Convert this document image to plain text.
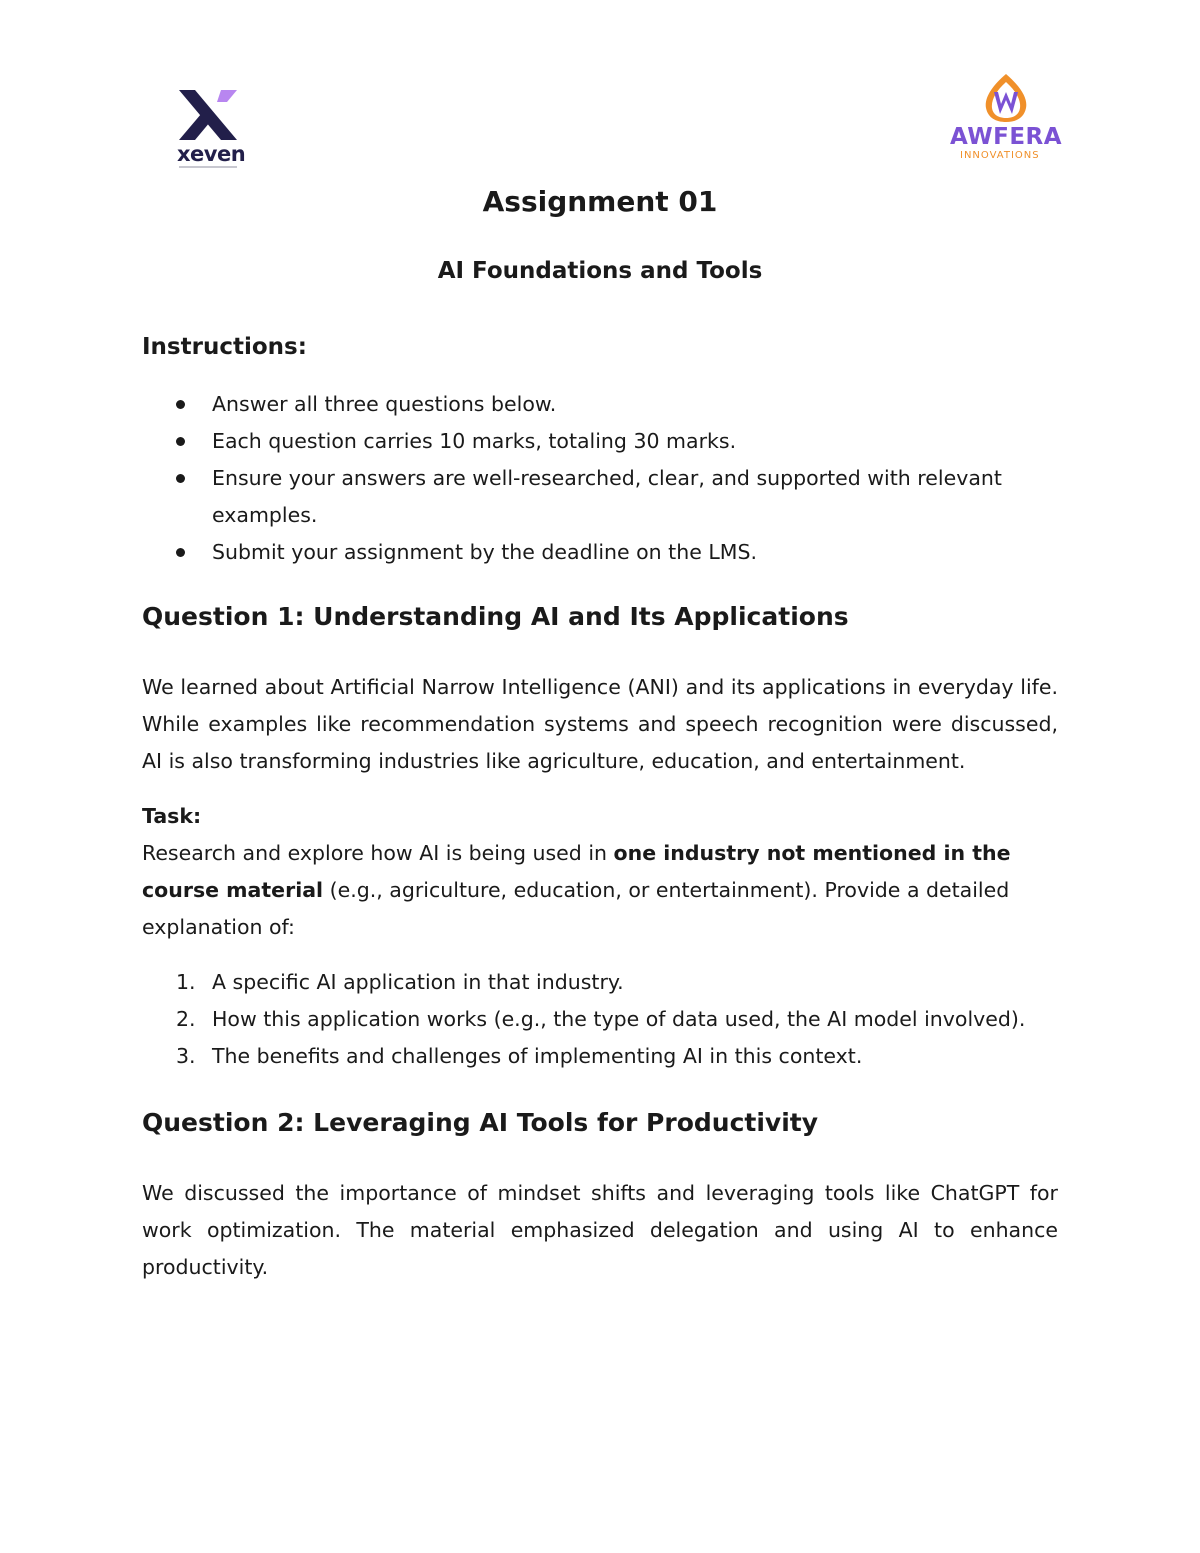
xeven
AWFERA
INNOVATIONS
Assignment 01
AI Foundations and Tools
Instructions:
Answer all three questions below.
Each question carries 10 marks, totaling 30 marks.
Ensure your answers are well-researched, clear, and supported with relevant examples.
Submit your assignment by the deadline on the LMS.
Question 1: Understanding AI and Its Applications

We learned about Artificial Narrow Intelligence (ANI) and its applications in everyday life. While examples like recommendation systems and speech recognition were discussed, AI is also transforming industries like agriculture, education, and entertainment.

Task:

Research and explore how AI is being used in one industry not mentioned in the course material (e.g., agriculture, education, or entertainment). Provide a detailed explanation of:

1. A specific AI application in that industry.
2. How this application works (e.g., the type of data used, the AI model involved).
3. The benefits and challenges of implementing AI in this context.
Question 2: Leveraging AI Tools for Productivity

We discussed the importance of mindset shifts and leveraging tools like ChatGPT for work optimization. The material emphasized delegation and using AI to enhance productivity.
